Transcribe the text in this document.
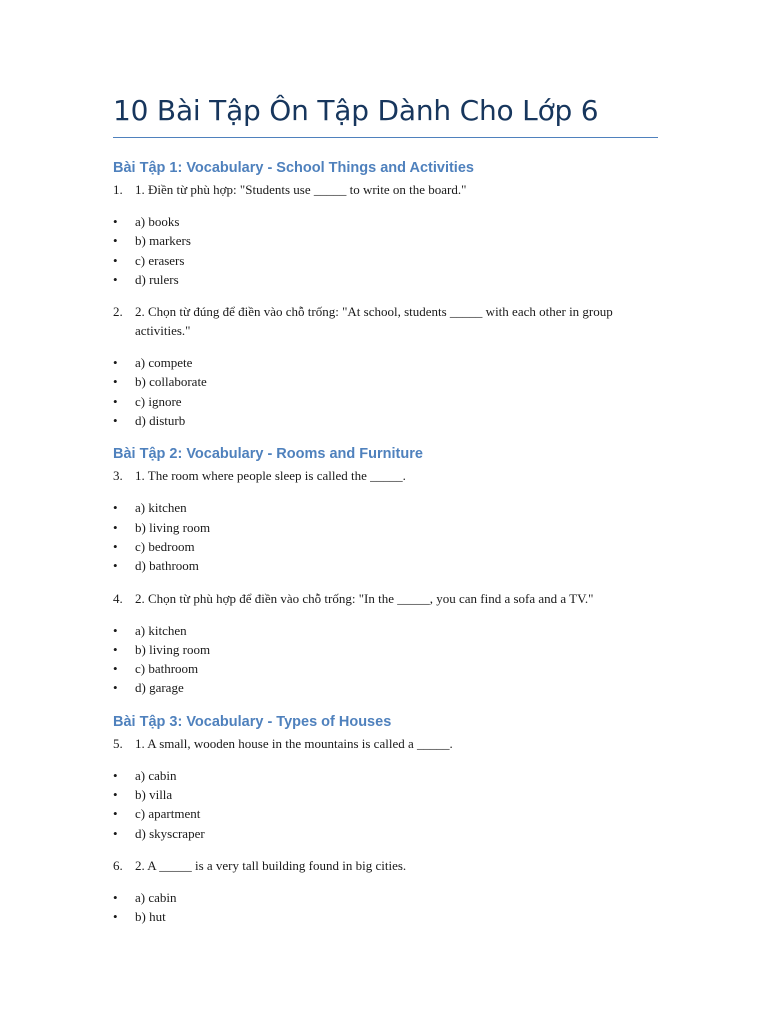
10 Bài Tập Ôn Tập Dành Cho Lớp 6
Bài Tập 1: Vocabulary - School Things and Activities
1. 1. Điền từ phù hợp: "Students use _____ to write on the board."
•	a) books
•	b) markers
•	c) erasers
•	d) rulers
2. 2. Chọn từ đúng để điền vào chỗ trống: "At school, students _____ with each other in group activities."
•	a) compete
•	b) collaborate
•	c) ignore
•	d) disturb
Bài Tập 2: Vocabulary - Rooms and Furniture
3. 1. The room where people sleep is called the _____.
•	a) kitchen
•	b) living room
•	c) bedroom
•	d) bathroom
4. 2. Chọn từ phù hợp để điền vào chỗ trống: "In the _____, you can find a sofa and a TV."
•	a) kitchen
•	b) living room
•	c) bathroom
•	d) garage
Bài Tập 3: Vocabulary - Types of Houses
5. 1. A small, wooden house in the mountains is called a _____.
•	a) cabin
•	b) villa
•	c) apartment
•	d) skyscraper
6. 2. A _____ is a very tall building found in big cities.
•	a) cabin
•	b) hut
